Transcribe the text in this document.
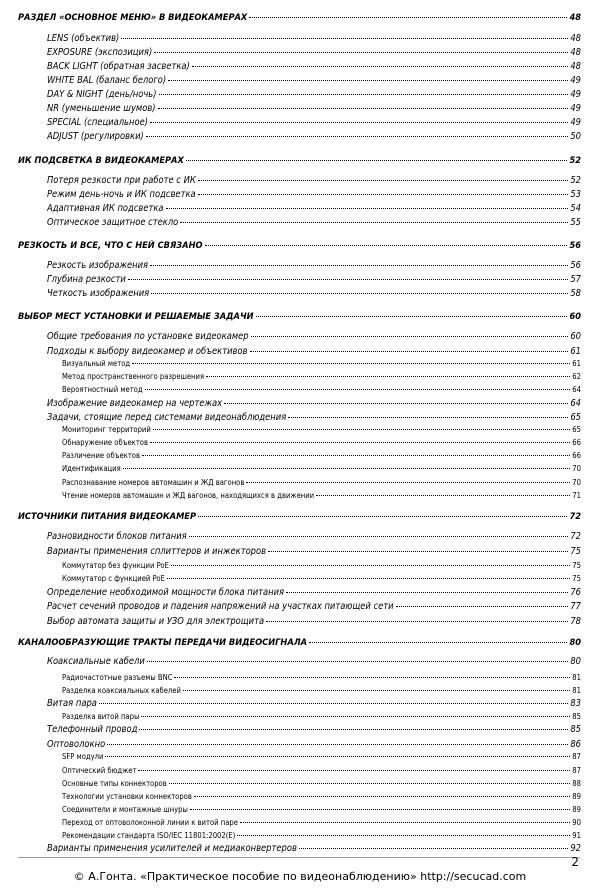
РАЗДЕЛ «ОСНОВНОЕ МЕНЮ» В ВИДЕОКАМЕРАХ	48
LENS (объектив)	48
EXPOSURE (экспозиция)	48
BACK LIGHT (обратная засветка)	48
WHITE BAL (баланс белого)	49
DAY & NIGHT (день/ночь)	49
NR (уменьшение шумов)	49
SPECIAL (специальное)	49
ADJUST (регулировки)	50
ИК ПОДСВЕТКА В ВИДЕОКАМЕРАХ	52
Потеря резкости при работе с ИК	52
Режим день-ночь и ИК подсветка	53
Адаптивная ИК подсветка	54
Оптическое защитное стекло	55
РЕЗКОСТЬ И ВСЕ, ЧТО С НЕЙ СВЯЗАНО	56
Резкость изображения	56
Глубина резкости	57
Четкость изображения	58
ВЫБОР МЕСТ УСТАНОВКИ И РЕШАЕМЫЕ ЗАДАЧИ	60
Общие требования по установке видеокамер	60
Подходы к выбору видеокамер и объективов	61
Визуальный метод	61
Метод пространственного разрешения	62
Вероятностный метод	64
Изображение видеокамер на чертежах	64
Задачи, стоящие перед системами видеонаблюдения	65
Мониторинг территорий	65
Обнаружение объектов	66
Различение объектов	66
Идентификация	70
Распознавание номеров автомашин и ЖД вагонов	70
Чтение номеров автомашин и ЖД вагонов, находящихся в движении	71
ИСТОЧНИКИ ПИТАНИЯ ВИДЕОКАМЕР	72
Разновидности блоков питания	72
Варианты применения сплиттеров и инжекторов	75
Коммутатор без функции PoE	75
Коммутатор с функцией PoE	75
Определение необходимой мощности блока питания	76
Расчет сечений проводов и падения напряжений на участках питающей сети	77
Выбор автомата защиты и УЗО для электрощита	78
КАНАЛООБРАЗУЮЩИЕ ТРАКТЫ ПЕРЕДАЧИ ВИДЕОСИГНАЛА	80
Коаксиальные кабели	80
Радиочастотные разъемы BNC	81
Разделка коаксиальных кабелей	81
Витая пара	83
Разделка витой пары	85
Телефонный провод	85
Оптоволокно	86
SFP модули	87
Оптический бюджет	87
Основные типы коннекторов	88
Технологии установки коннекторов	89
Соединители и монтажные шнуры	89
Переход от оптоволоконной линии к витой паре	90
Рекомендации стандарта ISO/IEC 11801:2002(E)	91
Варианты применения усилителей и медиаконвертеров	92
2
© А.Гонта. «Практическое пособие по видеонаблюдению» http://secucad.com
